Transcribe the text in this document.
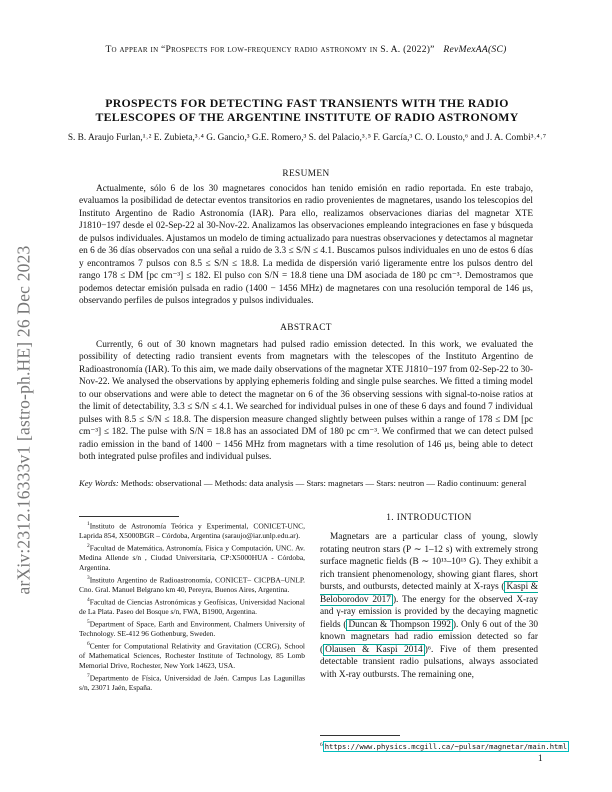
arXiv:2312.16333v1 [astro-ph.HE] 26 Dec 2023
To appear in “Prospects for low-frequency radio astronomy in S. A. (2022)” RevMexAA(SC)
PROSPECTS FOR DETECTING FAST TRANSIENTS WITH THE RADIO
TELESCOPES OF THE ARGENTINE INSTITUTE OF RADIO ASTRONOMY
S. B. Araujo Furlan,¹˒² E. Zubieta,³˒⁴ G. Gancio,³ G.E. Romero,³ S. del Palacio,³˒⁵ F. García,³ C. O. Lousto,⁶ and J. A. Combi³˒⁴˒⁷
RESUMEN

Actualmente, sólo 6 de los 30 magnetares conocidos han tenido emisión en radio reportada. En este trabajo, evaluamos la posibilidad de detectar eventos transitorios en radio provenientes de magnetares, usando los telescopios del Instituto Argentino de Radio Astronomía (IAR). Para ello, realizamos observaciones diarias del magnetar XTE J1810−197 desde el 02-Sep-22 al 30-Nov-22. Analizamos las observaciones empleando integraciones en fase y búsqueda de pulsos individuales. Ajustamos un modelo de timing actualizado para nuestras observaciones y detectamos al magnetar en 6 de 36 días observados con una señal a ruido de 3.3 ≤ S/N ≤ 4.1. Buscamos pulsos individuales en uno de estos 6 días y encontramos 7 pulsos con 8.5 ≤ S/N ≤ 18.8. La medida de dispersión varió ligeramente entre los pulsos dentro del rango 178 ≤ DM [pc cm⁻³] ≤ 182. El pulso con S/N = 18.8 tiene una DM asociada de 180 pc cm⁻³. Demostramos que podemos detectar emisión pulsada en radio (1400 − 1456 MHz) de magnetares con una resolución temporal de 146 μs, observando perfiles de pulsos integrados y pulsos individuales.

ABSTRACT

Currently, 6 out of 30 known magnetars had pulsed radio emission detected. In this work, we evaluated the possibility of detecting radio transient events from magnetars with the telescopes of the Instituto Argentino de Radioastronomía (IAR). To this aim, we made daily observations of the magnetar XTE J1810−197 from 02-Sep-22 to 30-Nov-22. We analysed the observations by applying ephemeris folding and single pulse searches. We fitted a timing model to our observations and were able to detect the magnetar on 6 of the 36 observing sessions with signal-to-noise ratios at the limit of detectability, 3.3 ≤ S/N ≤ 4.1. We searched for individual pulses in one of these 6 days and found 7 individual pulses with 8.5 ≤ S/N ≤ 18.8. The dispersion measure changed slightly between pulses within a range of 178 ≤ DM [pc cm⁻³] ≤ 182. The pulse with S/N = 18.8 has an associated DM of 180 pc cm⁻³. We confirmed that we can detect pulsed radio emission in the band of 1400 − 1456 MHz from magnetars with a time resolution of 146 μs, being able to detect both integrated pulse profiles and individual pulses.

Key Words: Methods: observational — Methods: data analysis — Stars: magnetars — Stars: neutron — Radio continuum: general

$^1$Instituto de Astronomía Teórica y Experimental, CONICET-UNC, Laprida 854, X5000BGR – Córdoba, Argentina (saraujo@iar.unlp.edu.ar).

$^2$Facultad de Matemática, Astronomía, Física y Computación, UNC. Av. Medina Allende s/n , Ciudad Universitaria, CP:X5000HUA - Córdoba, Argentina.

$^3$Instituto Argentino de Radioastronomía, CONICET– CICPBA–UNLP. Cno. Gral. Manuel Belgrano km 40, Pereyra, Buenos Aires, Argentina.

$^4$Facultad de Ciencias Astronómicas y Geofísicas, Universidad Nacional de La Plata. Paseo del Bosque s/n, FWA, B1900, Argentina.

$^5$Department of Space, Earth and Environment, Chalmers University of Technology. SE-412 96 Gothenburg, Sweden.

$^6$Center for Computational Relativity and Gravitation (CCRG), School of Mathematical Sciences, Rochester Institute of Technology, 85 Lomb Memorial Drive, Rochester, New York 14623, USA.

$^7$Departmento de Física, Universidad de Jaén. Campus Las Lagunillas s/n, 23071 Jaén, España.

1. INTRODUCTION

Magnetars are a particular class of young, slowly rotating neutron stars (P ∼ 1–12 s) with extremely strong surface magnetic fields (B ∼ 10¹³–10¹⁵ G). They exhibit a rich transient phenomenology, showing giant flares, short bursts, and outbursts, detected mainly at X-rays ( Kaspi & Beloborodov 2017 ). The energy for the observed X-ray and γ-ray emission is provided by the decaying magnetic fields ( Duncan & Thompson 1992 ). Only 6 out of the 30 known magnetars had radio emission detected so far ( Olausen & Kaspi 2014 )⁶. Five of them presented detectable transient radio pulsations, always associated with X-ray outbursts. The remaining one,

$^6$ https://www.physics.mcgill.ca/~pulsar/magnetar/main.html
1
